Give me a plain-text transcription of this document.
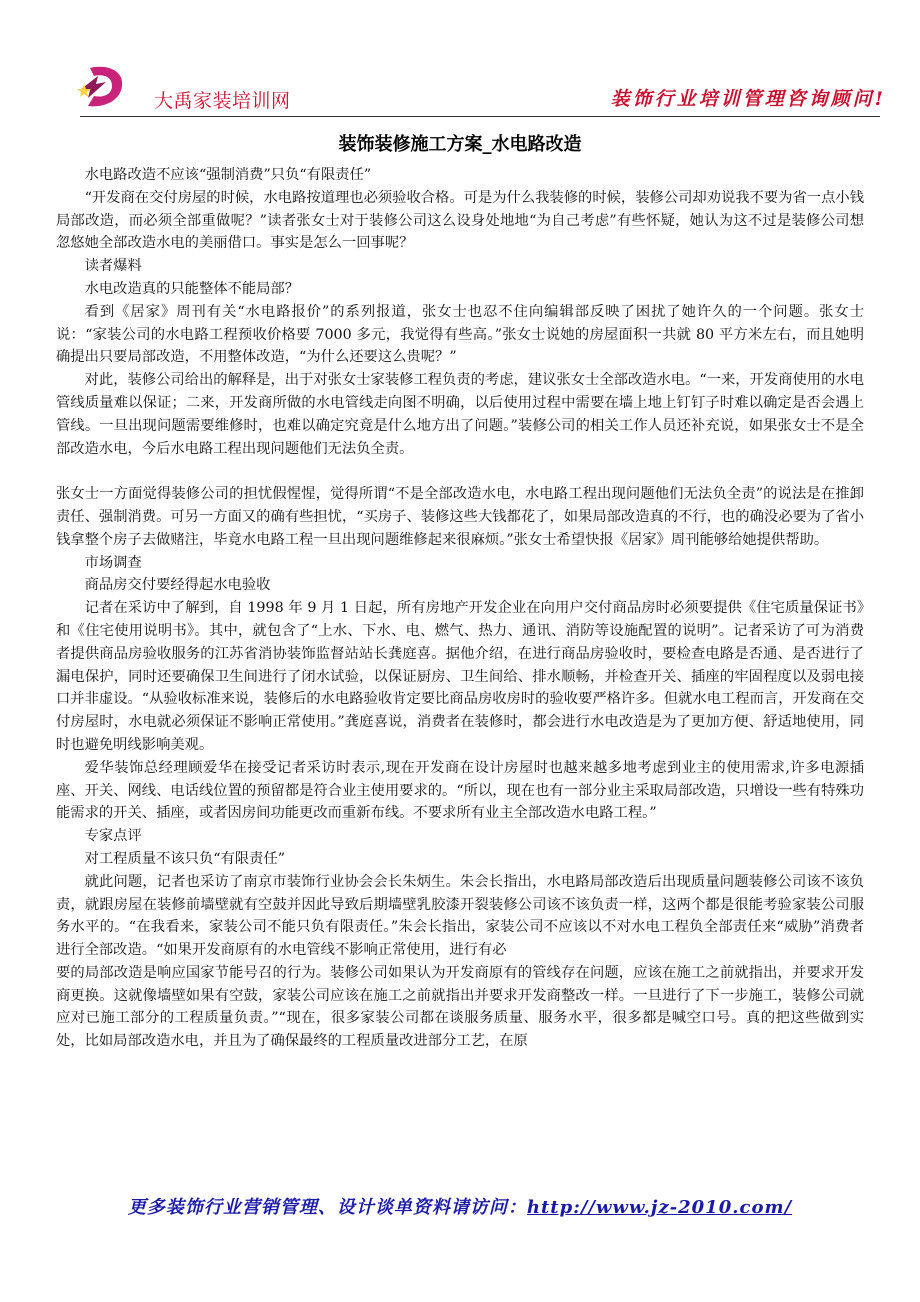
大禹家装培训网	装饰行业培训管理咨询顾问!
装饰装修施工方案_水电路改造

水电路改造不应该“强制消费”只负“有限责任”

“开发商在交付房屋的时候，水电路按道理也必须验收合格。可是为什么我装修的时候，装修公司却劝说我不要为省一点小钱局部改造，而必须全部重做呢？”读者张女士对于装修公司这么设身处地地“为自己考虑”有些怀疑，她认为这不过是装修公司想忽悠她全部改造水电的美丽借口。事实是怎么一回事呢？

读者爆料

水电改造真的只能整体不能局部？

看到《居家》周刊有关“水电路报价”的系列报道，张女士也忍不住向编辑部反映了困扰了她许久的一个问题。张女士说：“家装公司的水电路工程预收价格要 7000 多元，我觉得有些高。”张女士说她的房屋面积一共就 80 平方米左右，而且她明确提出只要局部改造，不用整体改造，“为什么还要这么贵呢？”

对此，装修公司给出的解释是，出于对张女士家装修工程负责的考虑，建议张女士全部改造水电。“一来，开发商使用的水电管线质量难以保证；二来，开发商所做的水电管线走向图不明确，以后使用过程中需要在墙上地上钉钉子时难以确定是否会遇上管线。一旦出现问题需要维修时，也难以确定究竟是什么地方出了问题。”装修公司的相关工作人员还补充说，如果张女士不是全部改造水电，今后水电路工程出现问题他们无法负全责。

张女士一方面觉得装修公司的担忧假惺惺，觉得所谓“不是全部改造水电，水电路工程出现问题他们无法负全责”的说法是在推卸责任、强制消费。可另一方面又的确有些担忧，“买房子、装修这些大钱都花了，如果局部改造真的不行，也的确没必要为了省小钱拿整个房子去做赌注，毕竟水电路工程一旦出现问题维修起来很麻烦。”张女士希望快报《居家》周刊能够给她提供帮助。

市场调查

商品房交付要经得起水电验收

记者在采访中了解到，自 1998 年 9 月 1 日起，所有房地产开发企业在向用户交付商品房时必须要提供《住宅质量保证书》和《住宅使用说明书》。其中，就包含了“上水、下水、电、燃气、热力、通讯、消防等设施配置的说明”。记者采访了可为消费者提供商品房验收服务的江苏省消协装饰监督站站长龚庭喜。据他介绍，在进行商品房验收时，要检查电路是否通、是否进行了漏电保护，同时还要确保卫生间进行了闭水试验，以保证厨房、卫生间给、排水顺畅，并检查开关、插座的牢固程度以及弱电接口并非虚设。“从验收标准来说，装修后的水电路验收肯定要比商品房收房时的验收要严格许多。但就水电工程而言，开发商在交付房屋时，水电就必须保证不影响正常使用。”龚庭喜说，消费者在装修时，都会进行水电改造是为了更加方便、舒适地使用，同时也避免明线影响美观。

爱华装饰总经理顾爱华在接受记者采访时表示,现在开发商在设计房屋时也越来越多地考虑到业主的使用需求,许多电源插座、开关、网线、电话线位置的预留都是符合业主使用要求的。“所以，现在也有一部分业主采取局部改造，只增设一些有特殊功能需求的开关、插座，或者因房间功能更改而重新布线。不要求所有业主全部改造水电路工程。”

专家点评

对工程质量不该只负“有限责任”

就此问题，记者也采访了南京市装饰行业协会会长朱炳生。朱会长指出，水电路局部改造后出现质量问题装修公司该不该负责，就跟房屋在装修前墙壁就有空鼓并因此导致后期墙壁乳胶漆开裂装修公司该不该负责一样，这两个都是很能考验家装公司服务水平的。“在我看来，家装公司不能只负有限责任。”朱会长指出，家装公司不应该以不对水电工程负全部责任来“威胁”消费者进行全部改造。“如果开发商原有的水电管线不影响正常使用，进行有必

要的局部改造是响应国家节能号召的行为。装修公司如果认为开发商原有的管线存在问题，应该在施工之前就指出，并要求开发商更换。这就像墙壁如果有空鼓，家装公司应该在施工之前就指出并要求开发商整改一样。一旦进行了下一步施工，装修公司就应对已施工部分的工程质量负责。”“现在，很多家装公司都在谈服务质量、服务水平，很多都是喊空口号。真的把这些做到实处，比如局部改造水电，并且为了确保最终的工程质量改进部分工艺，在原

更多装饰行业营销管理、设计谈单资料请访问：http://www.jz-2010.com/
